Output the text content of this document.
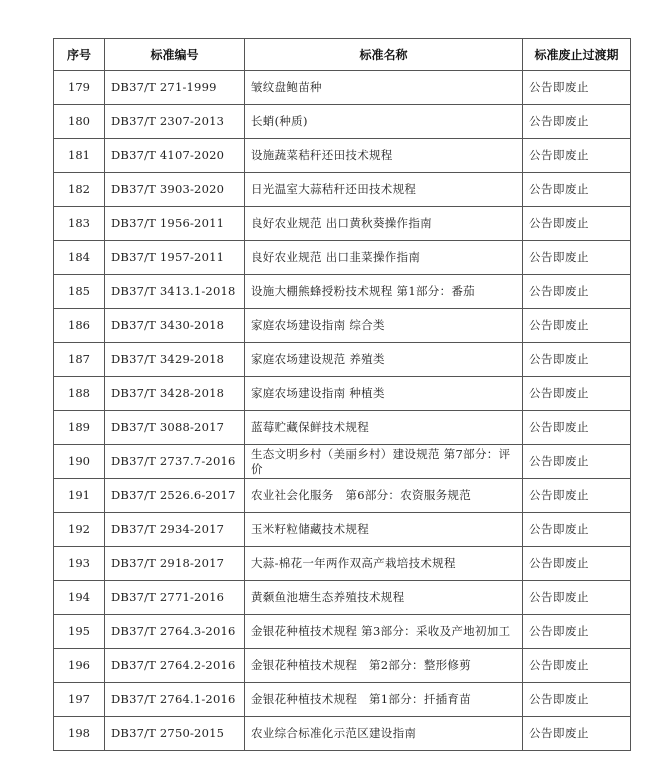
序号	标准编号	标准名称	标准废止过渡期
179	DB37/T 271-1999	皱纹盘鲍苗种	公告即废止
180	DB37/T 2307-2013	长蛸(种质)	公告即废止
181	DB37/T 4107-2020	设施蔬菜秸秆还田技术规程	公告即废止
182	DB37/T 3903-2020	日光温室大蒜秸秆还田技术规程	公告即废止
183	DB37/T 1956-2011	良好农业规范 出口黄秋葵操作指南	公告即废止
184	DB37/T 1957-2011	良好农业规范 出口韭菜操作指南	公告即废止
185	DB37/T 3413.1-2018	设施大棚熊蜂授粉技术规程 第1部分：番茄	公告即废止
186	DB37/T 3430-2018	家庭农场建设指南 综合类	公告即废止
187	DB37/T 3429-2018	家庭农场建设规范 养殖类	公告即废止
188	DB37/T 3428-2018	家庭农场建设指南 种植类	公告即废止
189	DB37/T 3088-2017	蓝莓贮藏保鲜技术规程	公告即废止
190	DB37/T 2737.7-2016	生态文明乡村（美丽乡村）建设规范 第7部分：评价	公告即废止
191	DB37/T 2526.6-2017	农业社会化服务　第6部分：农资服务规范	公告即废止
192	DB37/T 2934-2017	玉米籽粒储藏技术规程	公告即废止
193	DB37/T 2918-2017	大蒜-棉花一年两作双高产栽培技术规程	公告即废止
194	DB37/T 2771-2016	黄颡鱼池塘生态养殖技术规程	公告即废止
195	DB37/T 2764.3-2016	金银花种植技术规程 第3部分：采收及产地初加工	公告即废止
196	DB37/T 2764.2-2016	金银花种植技术规程　第2部分：整形修剪	公告即废止
197	DB37/T 2764.1-2016	金银花种植技术规程　第1部分：扦插育苗	公告即废止
198	DB37/T 2750-2015	农业综合标准化示范区建设指南	公告即废止
